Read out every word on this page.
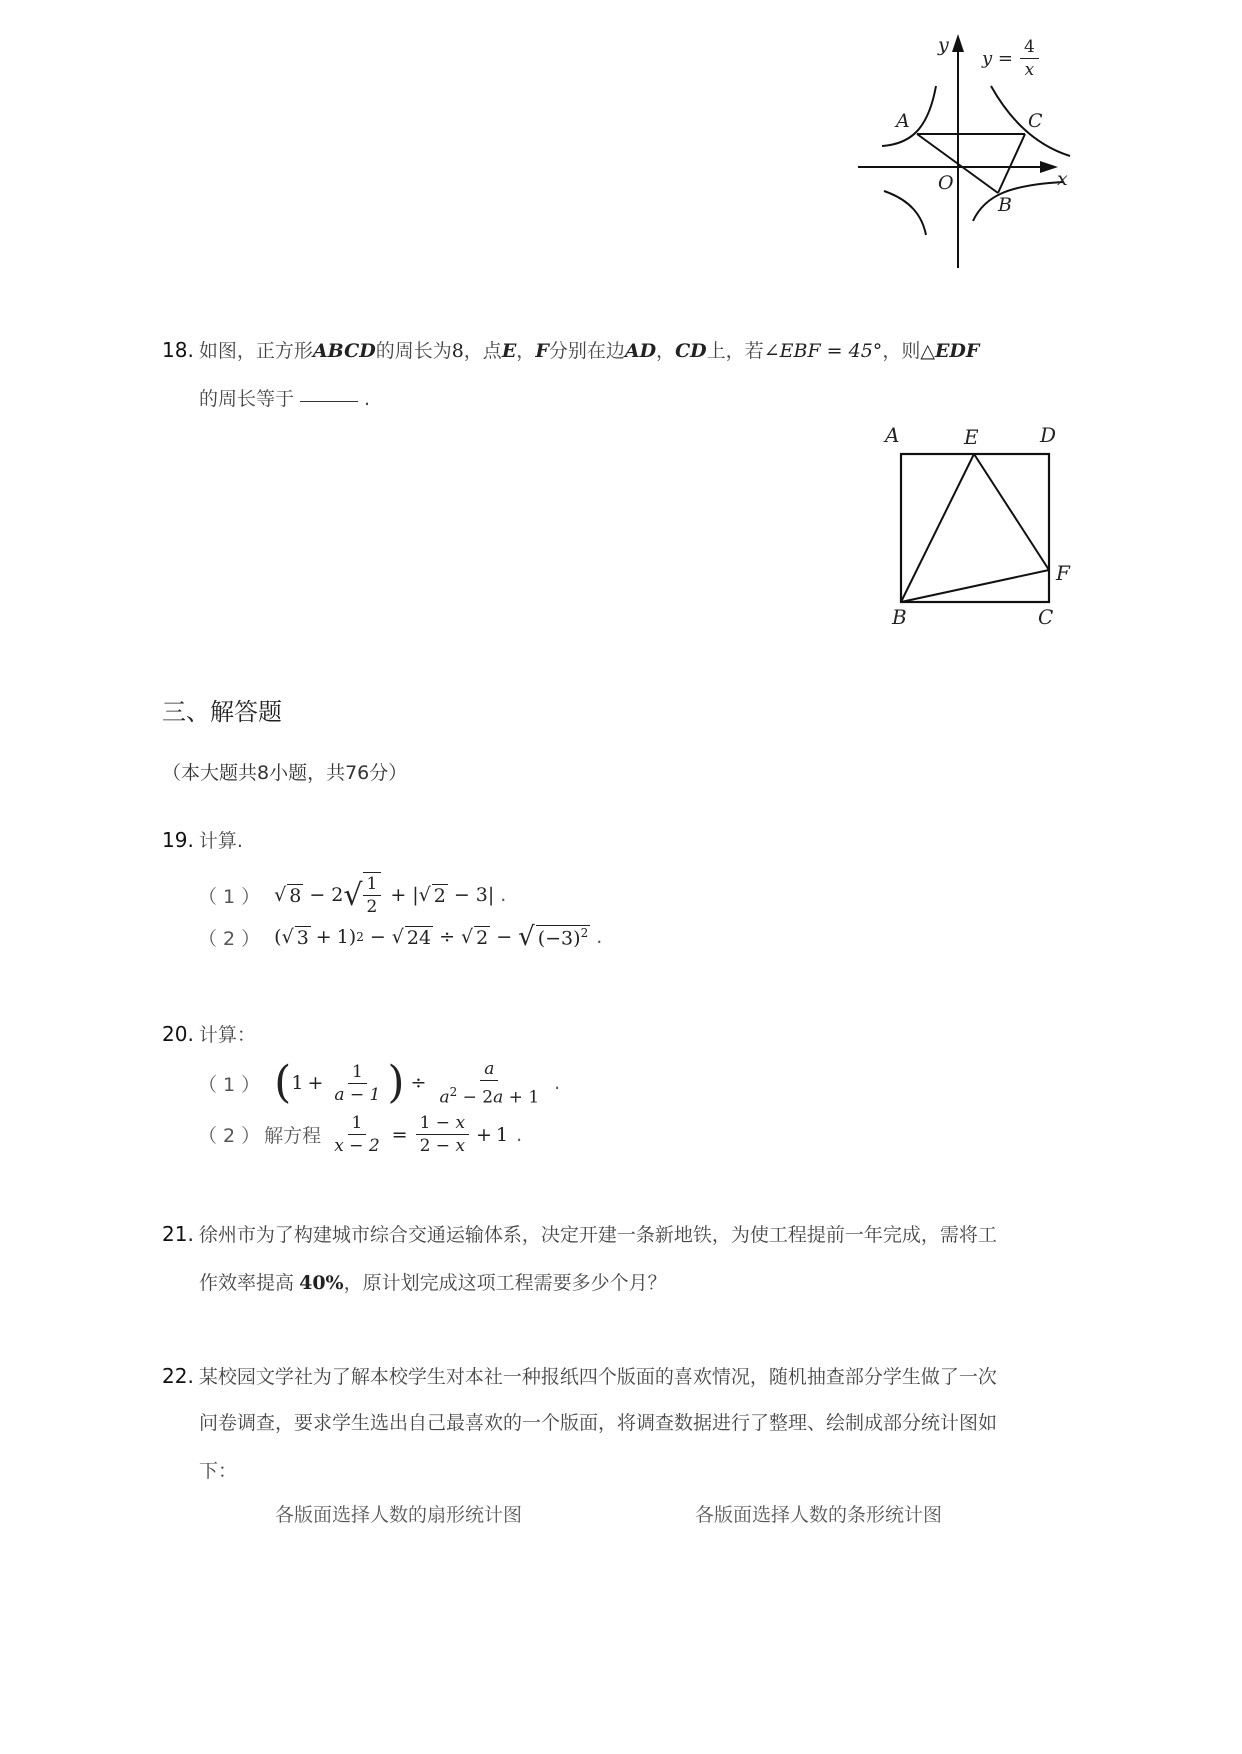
y
x
O
A
B
C
$y = \frac{4}{x}$
18. 如图，正方形ABCD的周长为8，点E，F分别在边AD，CD上，若∠EBF = 45°，则△EDF
的周长等于	.
A	E	D
F
B	C
三、解答题
（本大题共8小题，共76分）
19. 计算.
（ 1 ） √ 8 − 2 √ $\frac{1}{2}$ + | √ 2 − 3| .
（ 2 ） ( √ 3 + 1) 2 − √ 24 ÷ √ 2 − √ $(-3)^2$ .
20. 计算：
（ 1 ） ( $1 + \frac{1}{a - 1}$ ) ÷ $\frac{a}{a^2 - 2a + 1}$ .
（ 2 ） 解方程 $\frac{1}{x - 2} = \frac{1 - x}{2 - x} + 1$ .
21. 徐州市为了构建城市综合交通运输体系，决定开建一条新地铁，为使工程提前一年完成，需将工
作效率提高 40%，原计划完成这项工程需要多少个月？
22. 某校园文学社为了解本校学生对本社一种报纸四个版面的喜欢情况，随机抽查部分学生做了一次
问卷调查，要求学生选出自己最喜欢的一个版面，将调查数据进行了整理、绘制成部分统计图如
下：
各版面选择人数的扇形统计图	各版面选择人数的条形统计图
